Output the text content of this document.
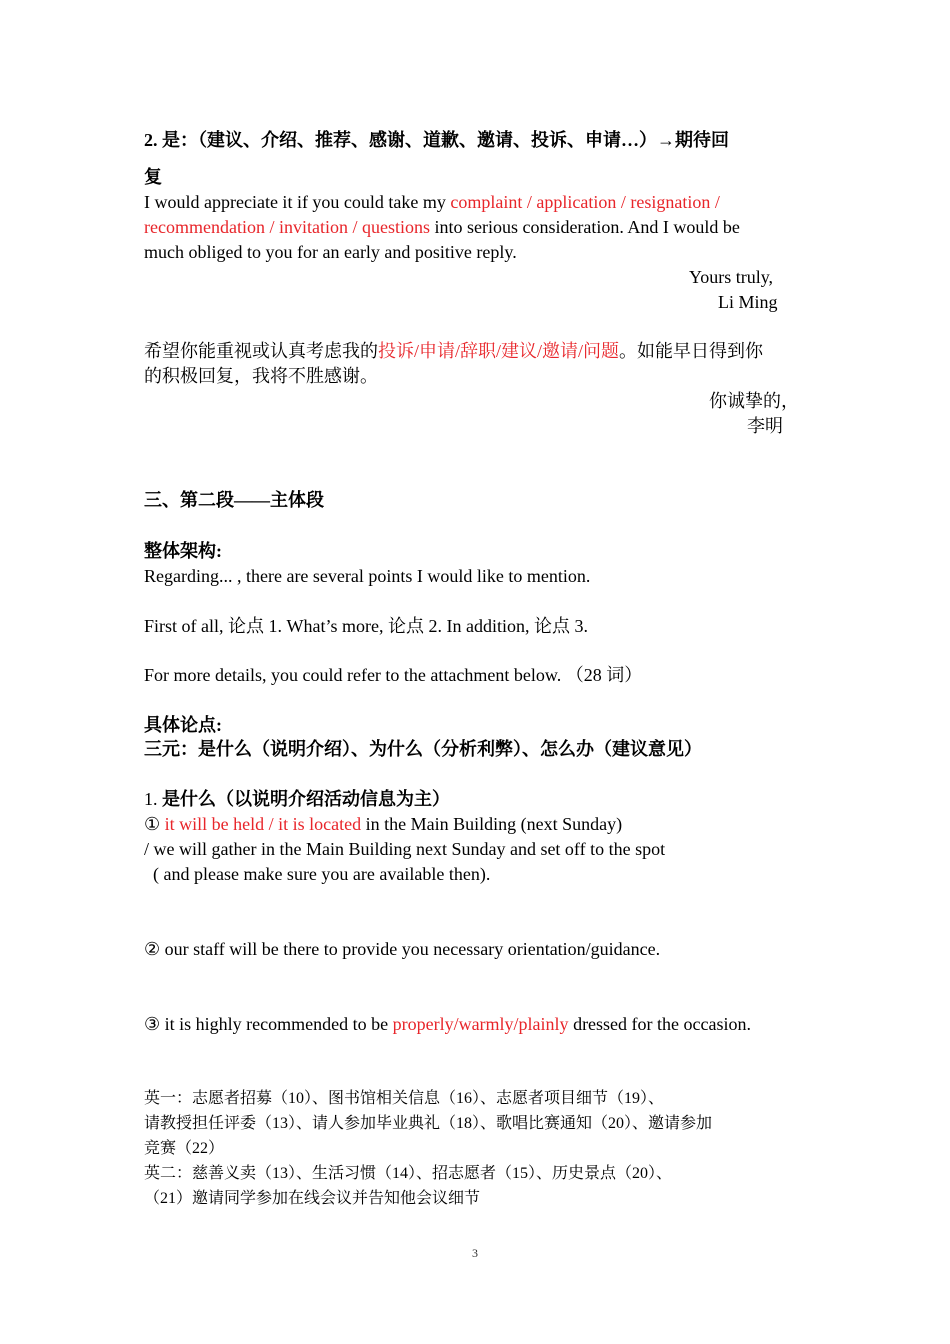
2. 是：（建议、介绍、推荐、感谢、道歉、邀请、投诉、申请…）→期待回
复
I would appreciate it if you could take my complaint / application / resignation /
recommendation / invitation / questions into serious consideration. And I would be
much obliged to you for an early and positive reply.
Yours truly,
Li Ming
希望你能重视或认真考虑我的投诉/申请/辞职/建议/邀请/问题。如能早日得到你
的积极回复，我将不胜感谢。
你诚挚的，
李明
三、第二段——主体段
整体架构:
Regarding... , there are several points I would like to mention.
First of all, 论点 1. What’s more, 论点 2. In addition, 论点 3.
For more details, you could refer to the attachment below. （28 词）
具体论点:
三元：是什么（说明介绍）、为什么（分析利弊）、怎么办（建议意见）
1. 是什么（以说明介绍活动信息为主）
① it will be held / it is located in the Main Building (next Sunday)
/ we will gather in the Main Building next Sunday and set off to the spot
( and please make sure you are available then).
② our staff will be there to provide you necessary orientation/guidance.
③ it is highly recommended to be properly/warmly/plainly dressed for the occasion.
英一：志愿者招募（10）、图书馆相关信息（16）、志愿者项目细节（19）、
请教授担任评委（13）、请人参加毕业典礼（18）、歌唱比赛通知（20）、邀请参加
竞赛（22）
英二：慈善义卖（13）、生活习惯（14）、招志愿者（15）、历史景点（20）、
（21）邀请同学参加在线会议并告知他会议细节
3
